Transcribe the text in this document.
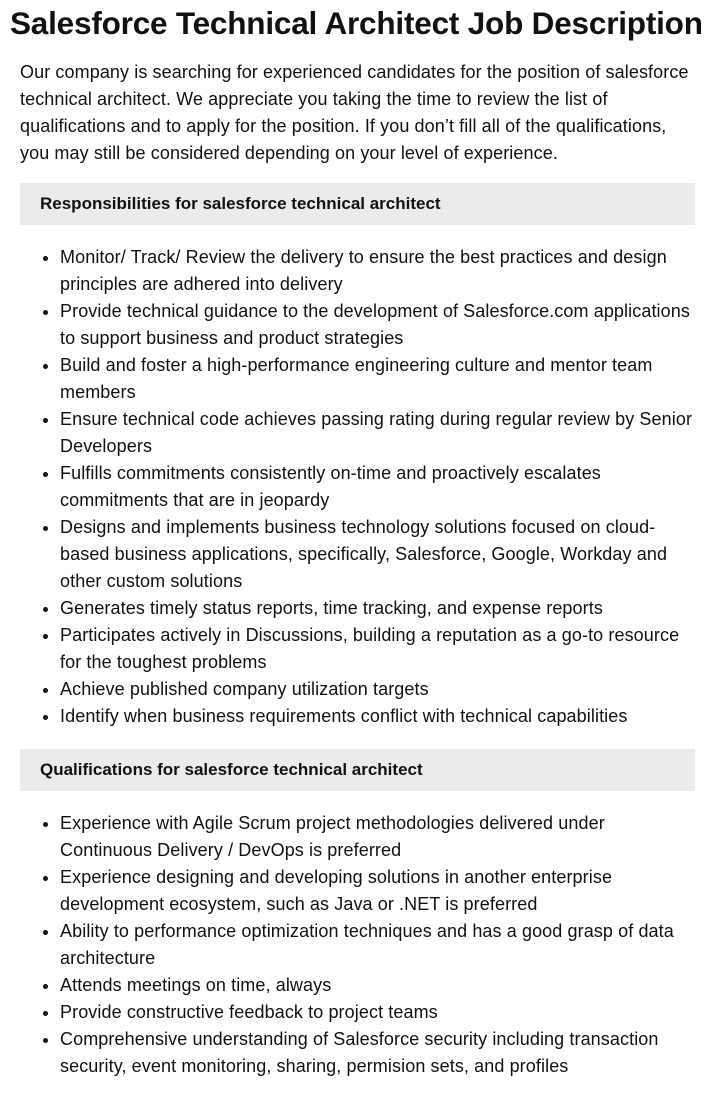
Salesforce Technical Architect Job Description

Our company is searching for experienced candidates for the position of salesforce technical architect. We appreciate you taking the time to review the list of qualifications and to apply for the position. If you don’t fill all of the qualifications, you may still be considered depending on your level of experience.

Responsibilities for salesforce technical architect
• Monitor/ Track/ Review the delivery to ensure the best practices and design principles are adhered into delivery
• Provide technical guidance to the development of Salesforce.com applications to support business and product strategies
• Build and foster a high-performance engineering culture and mentor team members
• Ensure technical code achieves passing rating during regular review by Senior Developers
• Fulfills commitments consistently on-time and proactively escalates commitments that are in jeopardy
• Designs and implements business technology solutions focused on cloud-based business applications, specifically, Salesforce, Google, Workday and other custom solutions
• Generates timely status reports, time tracking, and expense reports
• Participates actively in Discussions, building a reputation as a go-to resource for the toughest problems
• Achieve published company utilization targets
• Identify when business requirements conflict with technical capabilities
Qualifications for salesforce technical architect
• Experience with Agile Scrum project methodologies delivered under Continuous Delivery / DevOps is preferred
• Experience designing and developing solutions in another enterprise development ecosystem, such as Java or .NET is preferred
• Ability to performance optimization techniques and has a good grasp of data architecture
• Attends meetings on time, always
• Provide constructive feedback to project teams
• Comprehensive understanding of Salesforce security including transaction security, event monitoring, sharing, permision sets, and profiles
